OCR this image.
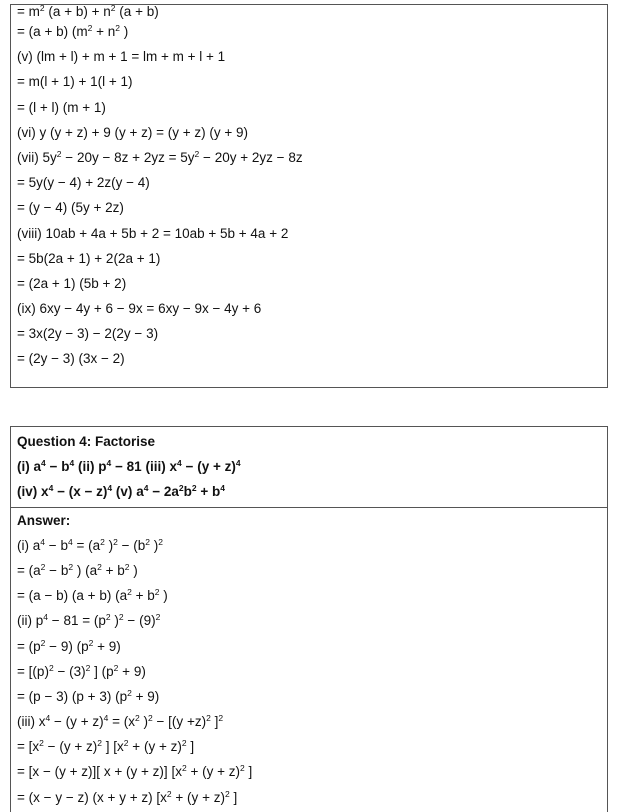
= $m^2$ $(a + b) + n^2$ (a + b)
= (a + b) ($m^2 + n^2$ )
(v) (lm + l) + m + 1 = lm + m + l + 1
= m(l + 1) + 1(l + 1)
= (l + l) (m + 1)
(vi) y (y + z) + 9 (y + z) = (y + z) (y + 9)
(vii) $5y^2 - 20y - 8z + 2yz = 5y^2 - 20y + 2yz - 8z$
= 5y(y − 4) + 2z(y − 4)
= (y − 4) (5y + 2z)
(viii) 10ab + 4a + 5b + 2 = 10ab + 5b + 4a + 2
= 5b(2a + 1) + 2(2a + 1)
= (2a + 1) (5b + 2)
(ix) 6xy − 4y + 6 − 9x = 6xy − 9x − 4y + 6
= 3x(2y − 3) − 2(2y − 3)
= (2y − 3) (3x − 2)
Question 4: Factorise
(i) $a^4 - b^4$ (ii) $p^4 - 81$ (iii) $x^4 - (y + z)^4$
(iv) $x^4 - (x - z)^4$ (v) $a^4 - 2a^2b^2 + b^4$
Answer:
(i) $a^4 - b^4 = (a^2$ )$^2 - (b^2$ )$^2$
= ($a^2 - b^2$ ) ($a^2 + b^2$ )
= (a − b) (a + b) ($a^2 + b^2$ )
(ii) $p^4 - 81 = (p^2$ )$^2 - (9)^2$
= $(p^2 - 9) (p^2 + 9)$
= [$(p)^2 - (3)^2$ ] $(p^2 + 9)$
= (p − 3) (p + 3) $(p^2 + 9)$
(iii) $x^4 - (y + z)^4 = (x^2$ )$^2 - [(y +z)^2$ ]$^2$
= [$x^2 - (y + z)^2$ ] [$x^2 + (y + z)^2$ ]
= [x − (y + z)][ x + (y + z)] [$x^2 + (y + z)^2$ ]
= (x − y − z) (x + y + z) [$x^2 + (y + z)^2$ ]
